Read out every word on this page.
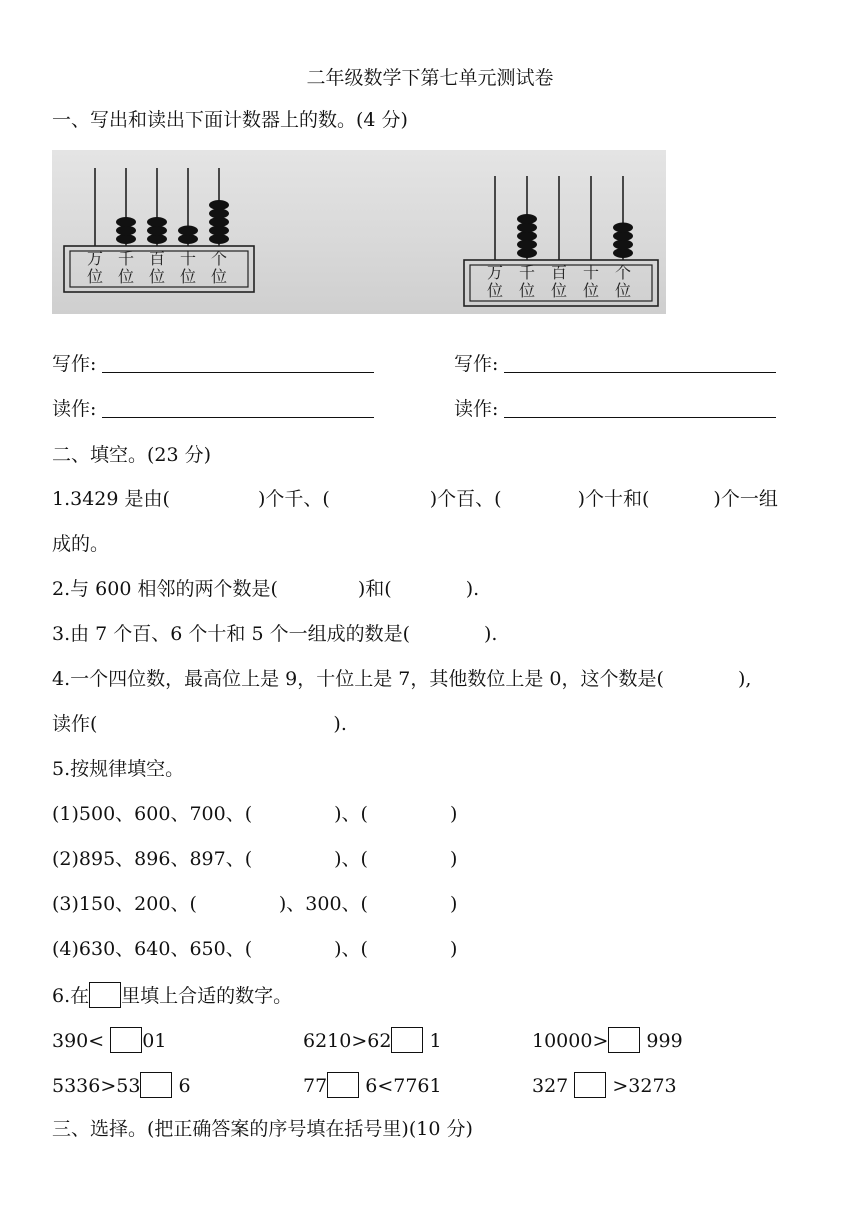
二年级数学下第七单元测试卷
一、写出和读出下面计数器上的数。(4 分)
万
位
千
位
百
位
十
位
个
位	万
位
千
位
百
位
十
位
个
位
写作:	写作:
读作:	读作:
二、填空。(23 分)
1.3429 是由(	)个千、(	)个百、(	)个十和(	)个一组
成的。
2.与 600 相邻的两个数是(	)和(	).
3.由 7 个百、6 个十和 5 个一组成的数是(	).
4.一个四位数，最高位上是 9，十位上是 7，其他数位上是 0，这个数是(	),
读作(	).
5.按规律填空。
(1)500、600、700、(	)、(	)
(2)895、896、897、(	)、(	)
(3)150、200、(	)、300、(	)
(4)630、640、650、(	)、(	)
6.在 里填上合适的数字。
390< 01	6210>62 1	10000> 999
5336>53 6	77 6<7761	327  >3273
三、选择。(把正确答案的序号填在括号里)(10 分)
